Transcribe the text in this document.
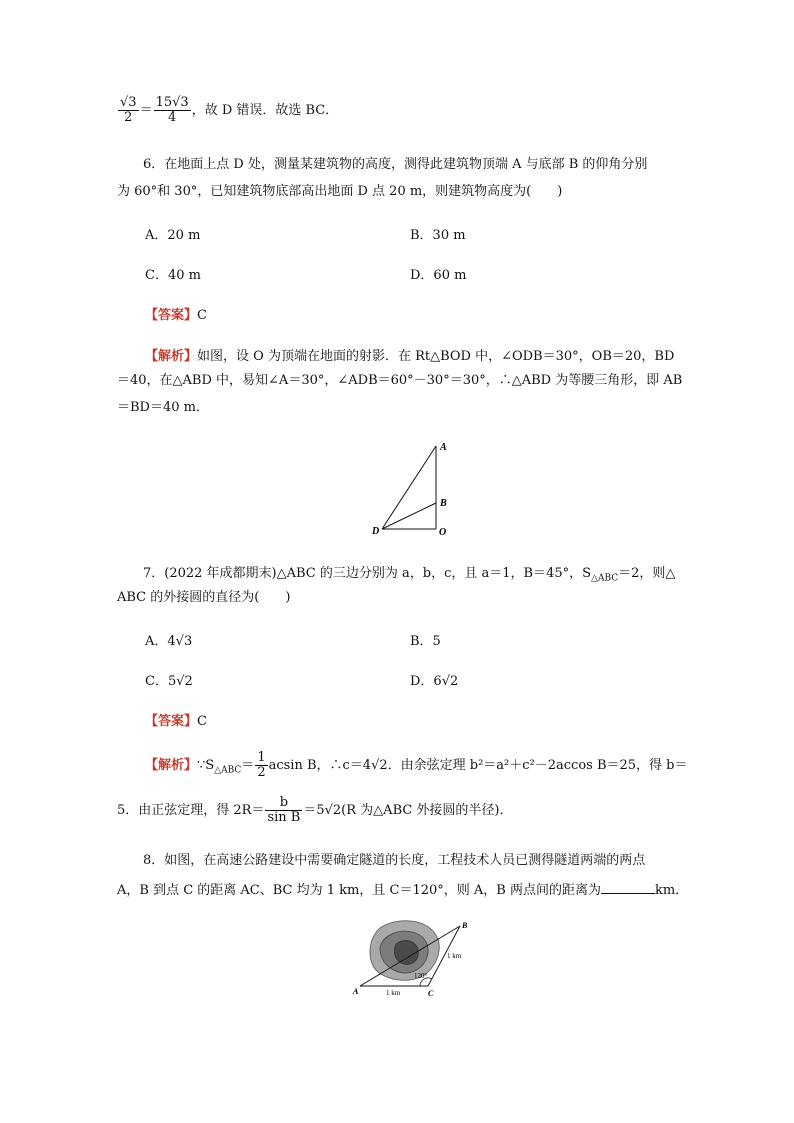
$\frac{√3}{2} = \frac{15√3}{4}$ ，故 D 错误．故选 BC．
6．在地面上点 D 处，测量某建筑物的高度，测得此建筑物顶端 A 与底部 B 的仰角分别
为 60°和 30°，已知建筑物底部高出地面 D 点 20 m，则建筑物高度为(　　)
A．20 m	B．30 m
C．40 m	D．60 m
【答案】C
【解析】如图，设 O 为顶端在地面的射影．在 Rt△BOD 中，∠ODB＝30°，OB＝20，BD
＝40，在△ABD 中，易知∠A＝30°，∠ADB＝60°－30°＝30°，∴△ABD 为等腰三角形，即 AB
＝BD＝40 m．
A
B
D	O
7．(2022 年成都期末)△ABC 的三边分别为 a，b，c，且 a＝1，B＝45°，$S_{\triangle ABC}=2$，则△
ABC 的外接圆的直径为(　　)
A．4√3	B．5
C．5√2	D．6√2
【答案】C
【解析】$\because S_{\triangle ABC}= \frac{1}{2}$ acsin B，∴c＝4√2．由余弦定理 b²＝a²＋c²－2accos B＝25，得 b＝
5．由正弦定理，得 $2R= \frac{b}{\text{sin B}} =5√2(R$ 为△ABC 外接圆的半径)．
8．如图，在高速公路建设中需要确定隧道的长度，工程技术人员已测得隧道两端的两点
A，B 到点 C 的距离 AC、BC 均为 1 km，且 C＝120°，则 A，B 两点间的距离为	km．
B
A	C
1 km
1 km
120°
